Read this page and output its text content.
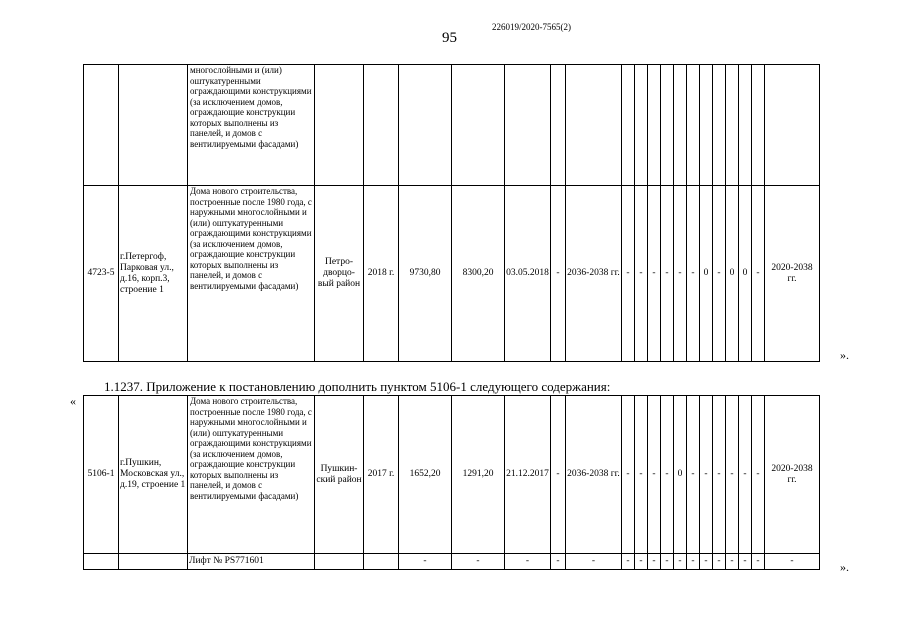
226019/2020-7565(2)
95
		многослойными и (или) оштукатуренными ограждающими конструкциями (за исключением домов, ограждающие конструкции которых выполнены из панелей, и домов с вентилируемыми фасадами)																			
4723-5	г.Петергоф, Парковая ул., д.16, корп.3, строение 1	Дома нового строительства, построенные после 1980 года, с наружными многослойными и (или) оштукатуренными ограждающими конструкциями (за исключением домов, ограждающие конструкции которых выполнены из панелей, и домов с вентилируемыми фасадами)	Петро-дворцо-вый район	2018 г.	9730,80	8300,20	03.05.2018	-	2036-2038 гг.	-	-	-	-	-	-	0	-	0	0	-	2020-2038 гг.
».
1.1237. Приложение к постановлению дополнить пунктом 5106-1 следующего содержания:
«
5106-1	г.Пушкин, Московская ул., д.19, строение 1	Дома нового строительства, построенные после 1980 года, с наружными многослойными и (или) оштукатуренными ограждающими конструкциями (за исключением домов, ограждающие конструкции которых выполнены из панелей, и домов с вентилируемыми фасадами)	Пушкин-ский район	2017 г.	1652,20	1291,20	21.12.2017	-	2036-2038 гг.	-	-	-	-	0	-	-	-	-	-	-	2020-2038 гг.
		Лифт № PS771601			-	-	-	-	-	-	-	-	-	-	-	-	-	-	-	-	-	».
